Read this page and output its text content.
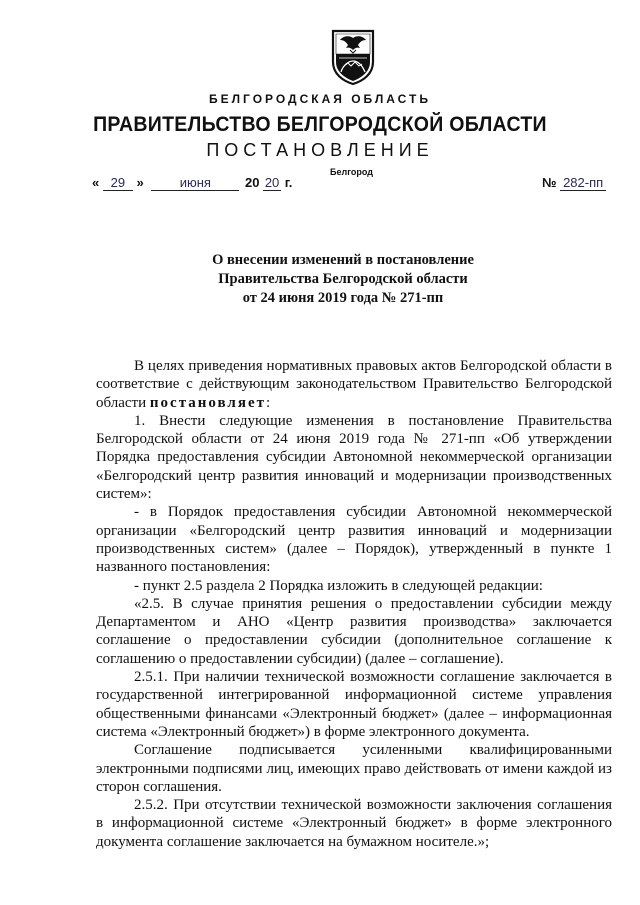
БЕЛГОРОДСКАЯ ОБЛАСТЬ
ПРАВИТЕЛЬСТВО БЕЛГОРОДСКОЙ ОБЛАСТИ
ПОСТАНОВЛЕНИЕ
Белгород
« 29 »	июня	20 20 г.	№ 282-пп
О внесении изменений в постановление
Правительства Белгородской области
от 24 июня 2019 года № 271-пп

В целях приведения нормативных правовых актов Белгородской области в соответствие с действующим законодательством Правительство Белгородской области постановляет:

1. Внести следующие изменения в постановление Правительства Белгородской области от 24 июня 2019 года № 271-пп «Об утверждении Порядка предоставления субсидии Автономной некоммерческой организации «Белгородский центр развития инноваций и модернизации производственных систем»:

- в Порядок предоставления субсидии Автономной некоммерческой организации «Белгородский центр развития инноваций и модернизации производственных систем» (далее – Порядок), утвержденный в пункте 1 названного постановления:

- пункт 2.5 раздела 2 Порядка изложить в следующей редакции:

«2.5. В случае принятия решения о предоставлении субсидии между Департаментом и АНО «Центр развития производства» заключается соглашение о предоставлении субсидии (дополнительное соглашение к соглашению о предоставлении субсидии) (далее – соглашение).

2.5.1. При наличии технической возможности соглашение заключается в государственной интегрированной информационной системе управления общественными финансами «Электронный бюджет» (далее – информационная система «Электронный бюджет») в форме электронного документа.

Соглашение подписывается усиленными квалифицированными электронными подписями лиц, имеющих право действовать от имени каждой из сторон соглашения.

2.5.2. При отсутствии технической возможности заключения соглашения в информационной системе «Электронный бюджет» в форме электронного документа соглашение заключается на бумажном носителе.»;
